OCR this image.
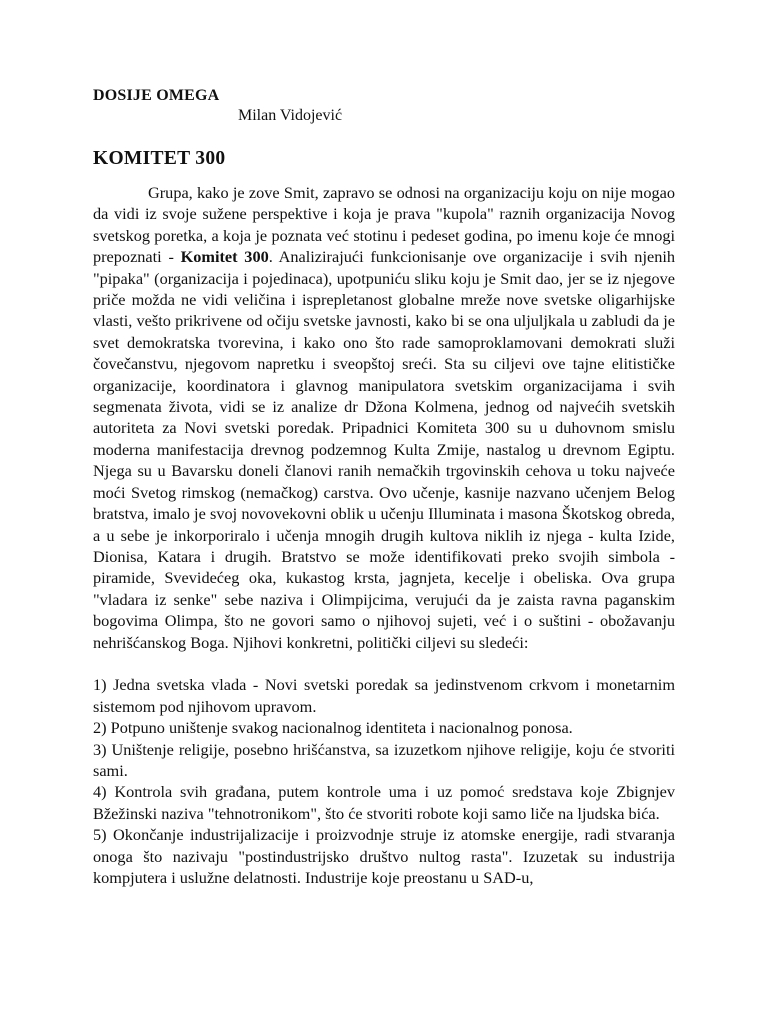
DOSIJE OMEGA
Milan Vidojević
KOMITET 300

Grupa, kako je zove Smit, zapravo se odnosi na organizaciju koju on nije mogao da vidi iz svoje sužene perspektive i koja je prava "kupola" raznih organizacija Novog svetskog poretka, a koja je poznata već stotinu i pedeset godina, po imenu koje će mnogi prepoznati - Komitet 300. Analizirajući funkcionisanje ove organizacije i svih njenih "pipaka" (organizacija i pojedinaca), upotpuniću sliku koju je Smit dao, jer se iz njegove priče možda ne vidi veličina i isprepletanost globalne mreže nove svetske oligarhijske vlasti, vešto prikrivene od očiju svetske javnosti, kako bi se ona uljuljkala u zabludi da je svet demokratska tvorevina, i kako ono što rade samoproklamovani demokrati služi čovečanstvu, njegovom napretku i sveopštoj sreći. Sta su ciljevi ove tajne elitističke organizacije, koordinatora i glavnog manipulatora svetskim organizacijama i svih segmenata života, vidi se iz analize dr Džona Kolmena, jednog od najvećih svetskih autoriteta za Novi svetski poredak. Pripadnici Komiteta 300 su u duhovnom smislu moderna manifestacija drevnog podzemnog Kulta Zmije, nastalog u drevnom Egiptu. Njega su u Bavarsku doneli članovi ranih nemačkih trgovinskih cehova u toku najveće moći Svetog rimskog (nemačkog) carstva. Ovo učenje, kasnije nazvano učenjem Belog bratstva, imalo je svoj novovekovni oblik u učenju Illuminata i masona Škotskog obreda, a u sebe je inkorporiralo i učenja mnogih drugih kultova niklih iz njega - kulta Izide, Dionisa, Katara i drugih. Bratstvo se može identifikovati preko svojih simbola - piramide, Svevidećeg oka, kukastog krsta, jagnjeta, kecelje i obeliska. Ova grupa "vladara iz senke" sebe naziva i Olimpijcima, verujući da je zaista ravna paganskim bogovima Olimpa, što ne govori samo o njihovoj sujeti, već i o suštini - obožavanju nehrišćanskog Boga. Njihovi konkretni, politički ciljevi su sledeći:

1) Jedna svetska vlada - Novi svetski poredak sa jedinstvenom crkvom i monetarnim sistemom pod njihovom upravom.

2) Potpuno uništenje svakog nacionalnog identiteta i nacionalnog ponosa.

3) Uništenje religije, posebno hrišćanstva, sa izuzetkom njihove religije, koju će stvoriti sami.

4) Kontrola svih građana, putem kontrole uma i uz pomoć sredstava koje Zbignjev Bžežinski naziva "tehnotronikom", što će stvoriti robote koji samo liče na ljudska bića.

5) Okončanje industrijalizacije i proizvodnje struje iz atomske energije, radi stvaranja onoga što nazivaju "postindustrijsko društvo nultog rasta". Izuzetak su industrija kompjutera i uslužne delatnosti. Industrije koje preostanu u SAD-u,
